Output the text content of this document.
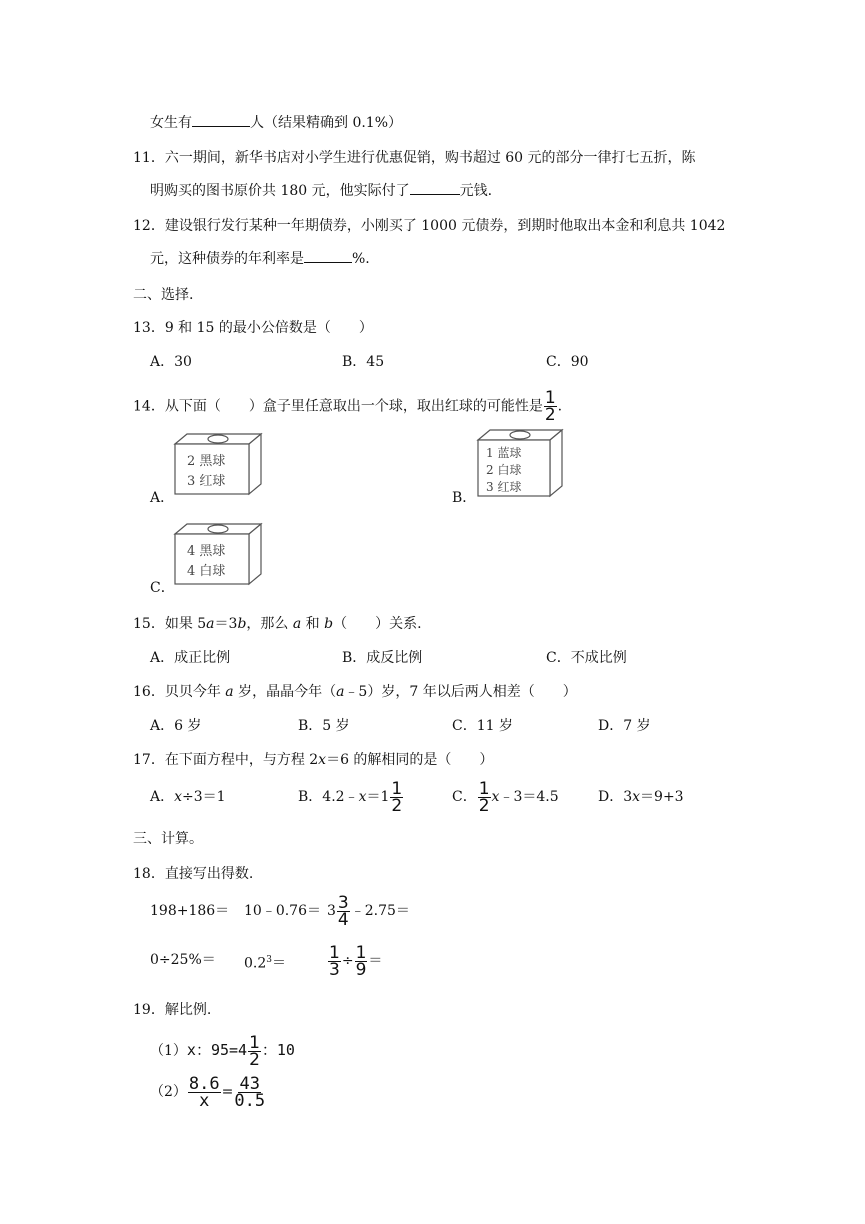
女生有	人（结果精确到 0.1%）
11．六一期间，新华书店对小学生进行优惠促销，购书超过 60 元的部分一律打七五折，陈
明购买的图书原价共 180 元，他实际付了	元钱.
12．建设银行发行某种一年期债券，小刚买了 1000 元债券，到期时他取出本金和利息共 1042
元，这种债券的年利率是	%.
二、选择.
13．9 和 15 的最小公倍数是（　　）
A．30	B．45	C．90
14．从下面（　　）盒子里任意取出一个球，取出红球的可能性是 $\frac{1}{2}$ .
A．
2 黑球
3 红球
B．
1 蓝球
2 白球
3 红球
C．
4 黑球
4 白球
15．如果 5a＝3b，那么 a 和 b（　　）关系.
A．成正比例	B．成反比例	C．不成比例
16．贝贝今年 a 岁，晶晶今年（a﹣5）岁，7 年以后两人相差（　　）
A．6 岁	B．5 岁	C．11 岁	D．7 岁
17．在下面方程中，与方程 2x＝6 的解相同的是（　　）
A．x÷3＝1	B．4.2﹣x＝1 $\frac{1}{2}$	C． $\frac{1}{2}$ x﹣3＝4.5	D．3x＝9+3
三、计算。
18．直接写出得数.
198+186＝ 10﹣0.76＝ $3 \frac{3}{4}$ ﹣2.75＝
$0\div 25\%= 0.2^3= \frac{1}{3} \div \frac{1}{9}$ ＝
19．解比例.
（1）x：$95=4 \frac{1}{2}$ ：10
$(2) \frac{8.6}{x} = \frac{43}{0.5}$
